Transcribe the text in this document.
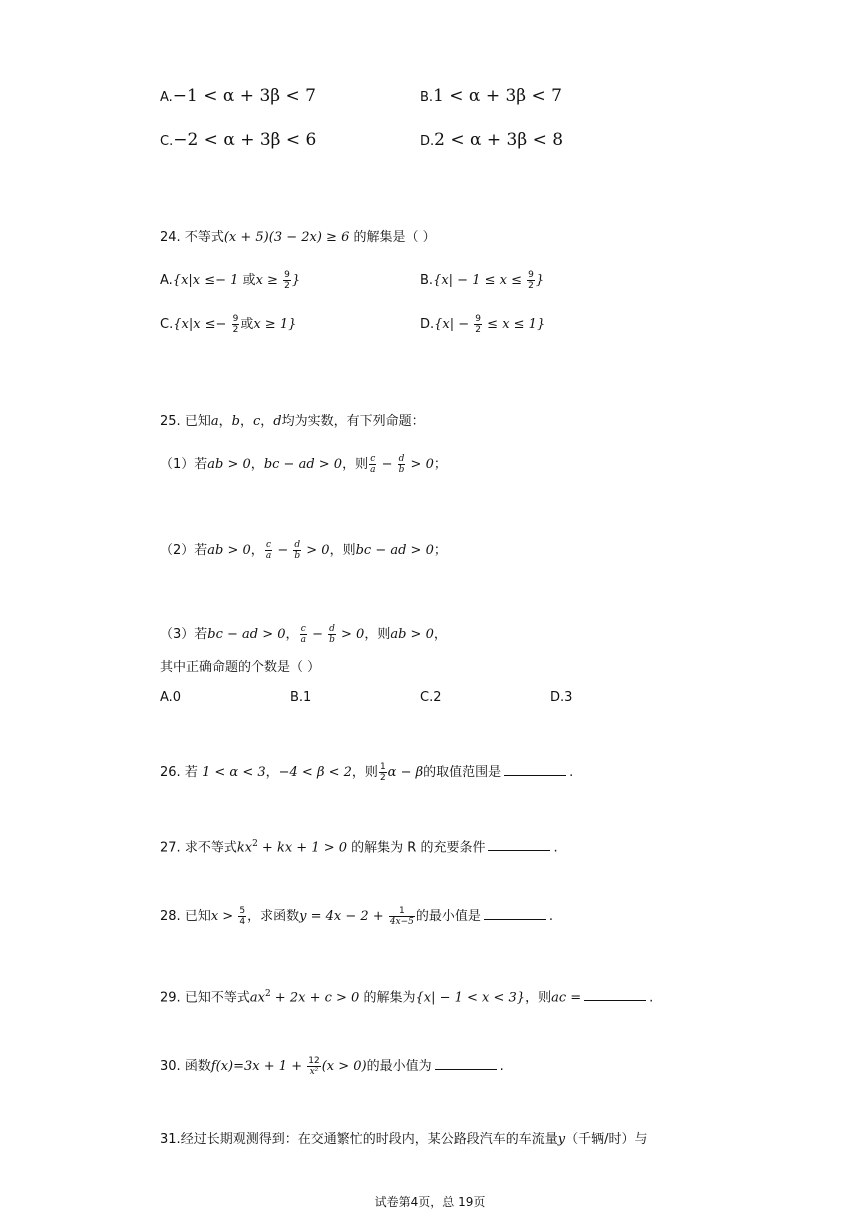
A.−1 < α + 3β < 7	B.1 < α + 3β < 7
C.−2 < α + 3β < 6	D.2 < α + 3β < 8
24. 不等式(x + 5)(3 − 2x) ≥ 6 的解集是（ ）
A.{x|x ≤− 1 或$x \ge \frac{9}{2}$ }	$B.\{x| - 1 \le x \le \frac{9}{2}$ }
$C.\{x|x \le- \frac{9}{2}$ 或x ≥ 1}	$D.\{x| - \frac{9}{2} \le x \le 1\}$
25. 已知a，b，c，d均为实数，有下列命题：
（1）若ab > 0，bc − ad > 0，则 $\frac{c}{a} - \frac{d}{b} > 0$；
（2）若ab > 0， $\frac{c}{a} - \frac{d}{b} > 0$，则bc − ad > 0；
（3）若bc − ad > 0， $\frac{c}{a} - \frac{d}{b} > 0$，则ab > 0，
其中正确命题的个数是（ ）
A.0	B.1	C.2	D.3
26. 若 1 < α < 3，−4 < β < 2，则 $\frac{1}{2}$ α − β的取值范围是	.
27. 求不等式$kx^2$ + kx + 1 > 0 的解集为 R 的充要条件	.
28. 已知$x > \frac{5}{4}$ ，求函数$y = 4x - 2 + \frac{1}{4x-5}$ 的最小值是	.
29. 已知不等式$ax^2 + 2x + c > 0$ 的解集为{x| − 1 < x < 3}，则ac =	.
30. 函数$f(x)=3x + 1 + \frac{12}{\text{x²}} (x > 0)$的最小值为	.
31.经过长期观测得到：在交通繁忙的时段内，某公路段汽车的车流量y（千辆/时）与
试卷第4页，总 19页
